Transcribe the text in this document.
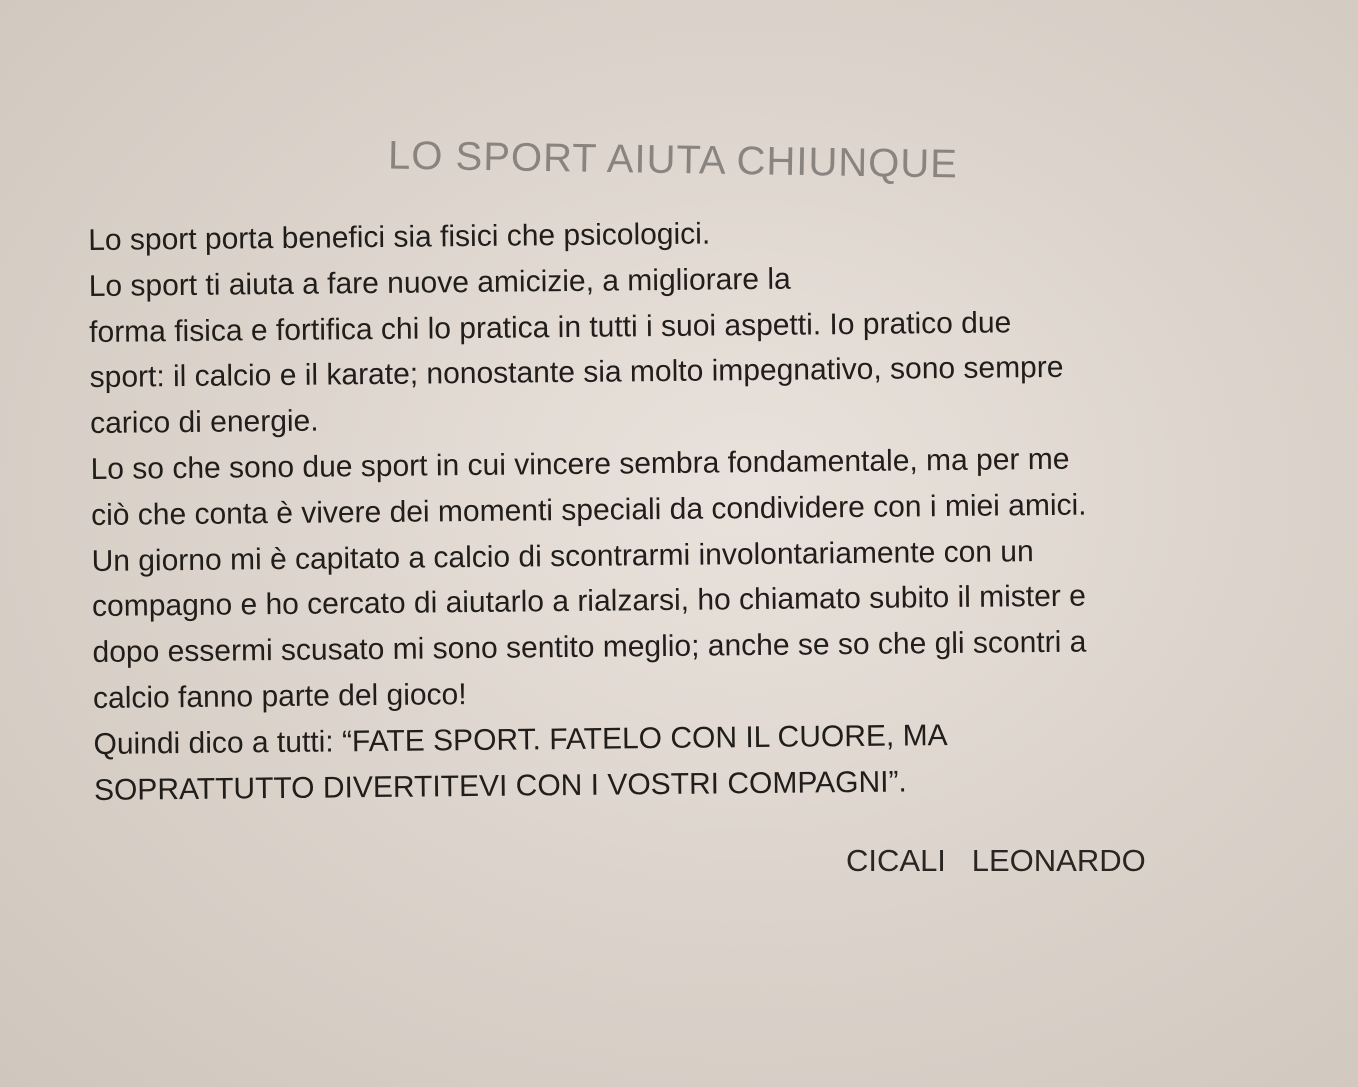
LO SPORT AIUTA CHIUNQUE
Lo sport porta benefici sia fisici che psicologici.
Lo sport ti aiuta a fare nuove amicizie, a migliorare la
forma fisica e fortifica chi lo pratica in tutti i suoi aspetti. Io pratico due
sport: il calcio e il karate; nonostante sia molto impegnativo, sono sempre
carico di energie.
Lo so che sono due sport in cui vincere sembra fondamentale, ma per me
ciò che conta è vivere dei momenti speciali da condividere con i miei amici.
Un giorno mi è capitato a calcio di scontrarmi involontariamente con un
compagno e ho cercato di aiutarlo a rialzarsi, ho chiamato subito il mister e
dopo essermi scusato mi sono sentito meglio; anche se so che gli scontri a
calcio fanno parte del gioco!
Quindi dico a tutti: “FATE SPORT. FATELO CON IL CUORE, MA
SOPRATTUTTO DIVERTITEVI CON I VOSTRI COMPAGNI”.
CICALI   LEONARDO
